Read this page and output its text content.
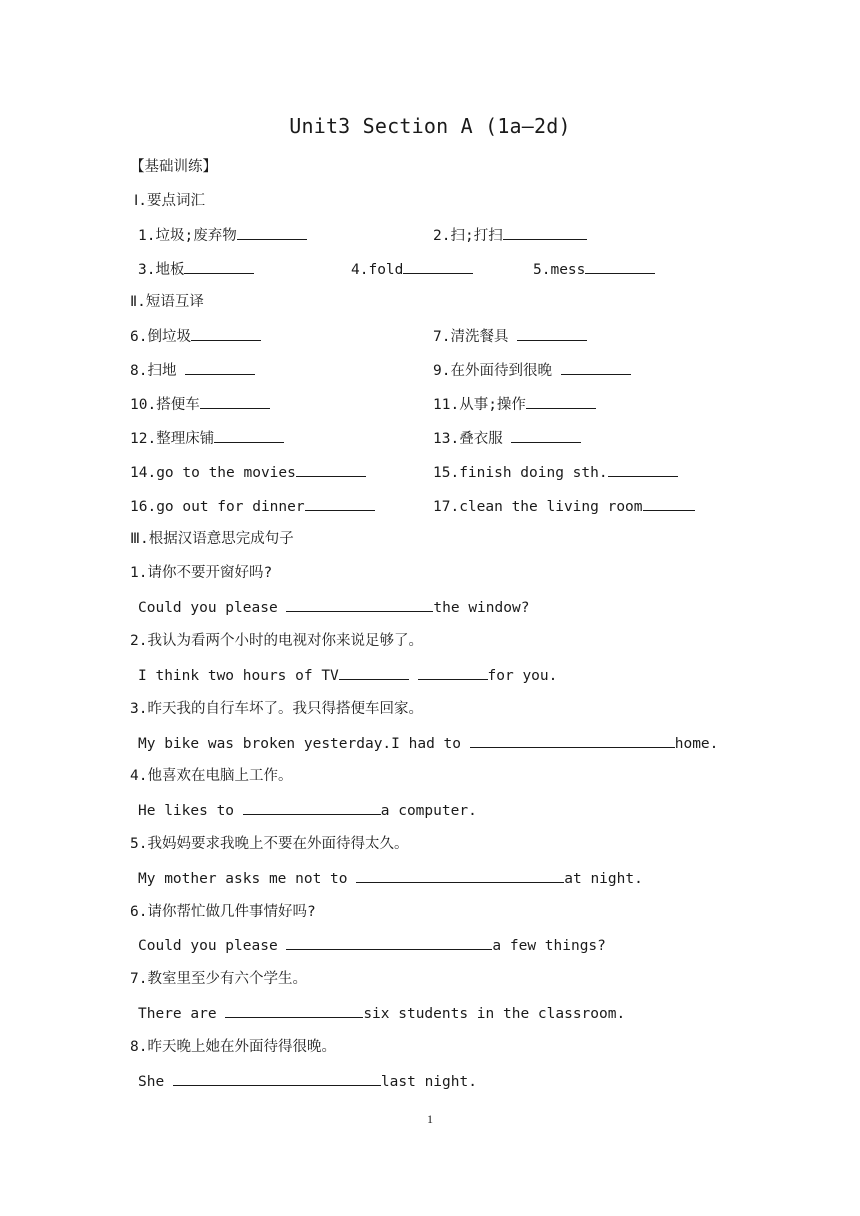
Unit3 Section A (1a—2d)
【基础训练】
Ⅰ.要点词汇
1.垃圾;废弃物	2.扫;打扫
3.地板	4.fold	5.mess
Ⅱ.短语互译
6.倒垃圾	7.清洗餐具
8.扫地	9.在外面待到很晚
10.搭便车	11.从事;操作
12.整理床铺	13.叠衣服
14.go to the movies	15.finish doing sth.
16.go out for dinner	17.clean the living room
Ⅲ.根据汉语意思完成句子
1.请你不要开窗好吗?
Could you please	the window?
2.我认为看两个小时的电视对你来说足够了。
I think two hours of TV	for you.
3.昨天我的自行车坏了。我只得搭便车回家。
My bike was broken yesterday.I had to	home.
4.他喜欢在电脑上工作。
He likes to	a computer.
5.我妈妈要求我晚上不要在外面待得太久。
My mother asks me not to	at night.
6.请你帮忙做几件事情好吗?
Could you please	a few things?
7.教室里至少有六个学生。
There are	six students in the classroom.
8.昨天晚上她在外面待得很晚。
She	last night.
1
